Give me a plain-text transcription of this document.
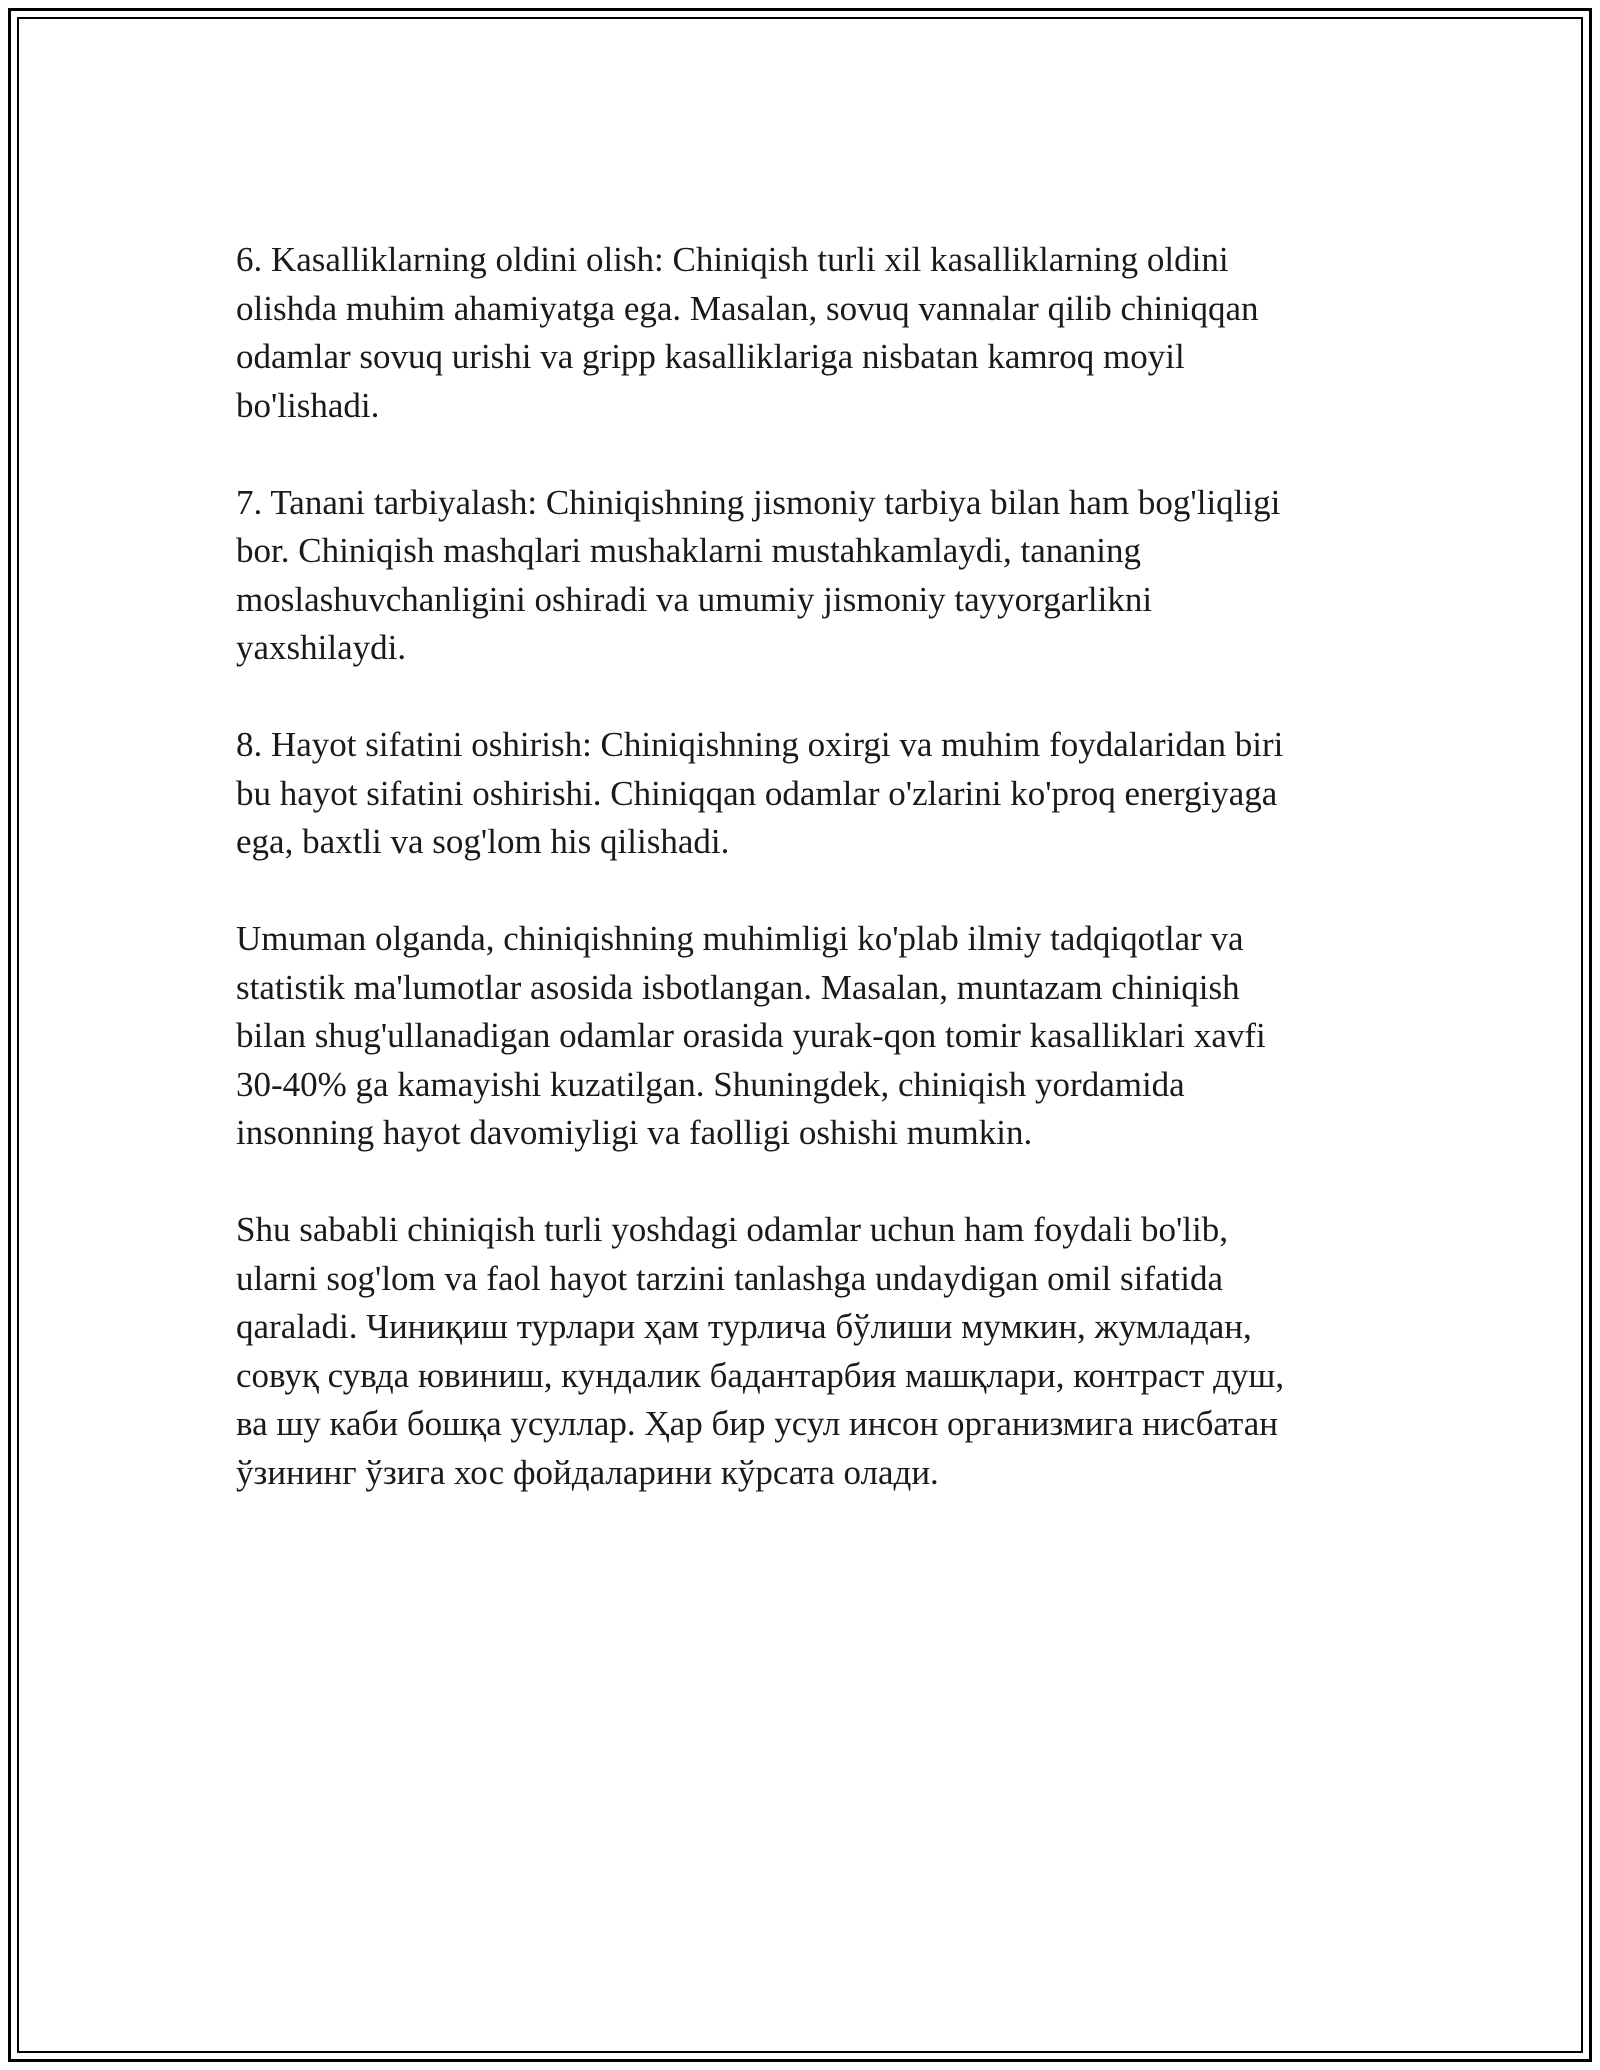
6. Kasalliklarning oldini olish: Chiniqish turli xil kasalliklarning oldini
olishda muhim ahamiyatga ega. Masalan, sovuq vannalar qilib chiniqqan
odamlar sovuq urishi va gripp kasalliklariga nisbatan kamroq moyil
bo'lishadi.

7. Tanani tarbiyalash: Chiniqishning jismoniy tarbiya bilan ham bog'liqligi
bor. Chiniqish mashqlari mushaklarni mustahkamlaydi, tananing
moslashuvchanligini oshiradi va umumiy jismoniy tayyorgarlikni
yaxshilaydi.

8. Hayot sifatini oshirish: Chiniqishning oxirgi va muhim foydalaridan biri
bu hayot sifatini oshirishi. Chiniqqan odamlar o'zlarini ko'proq energiyaga
ega, baxtli va sog'lom his qilishadi.

Umuman olganda, chiniqishning muhimligi ko'plab ilmiy tadqiqotlar va
statistik ma'lumotlar asosida isbotlangan. Masalan, muntazam chiniqish
bilan shug'ullanadigan odamlar orasida yurak-qon tomir kasalliklari xavfi
30-40% ga kamayishi kuzatilgan. Shuningdek, chiniqish yordamida
insonning hayot davomiyligi va faolligi oshishi mumkin.

Shu sababli chiniqish turli yoshdagi odamlar uchun ham foydali bo'lib,
ularni sog'lom va faol hayot tarzini tanlashga undaydigan omil sifatida
qaraladi. Чиниқиш турлари ҳам турлича бўлиши мумкин, жумладан,
совуқ сувда ювиниш, кундалик бадантарбия машқлари, контраст душ,
ва шу каби бошқа усуллар. Ҳар бир усул инсон организмига нисбатан
ўзининг ўзига хос фойдаларини кўрсата олади.
